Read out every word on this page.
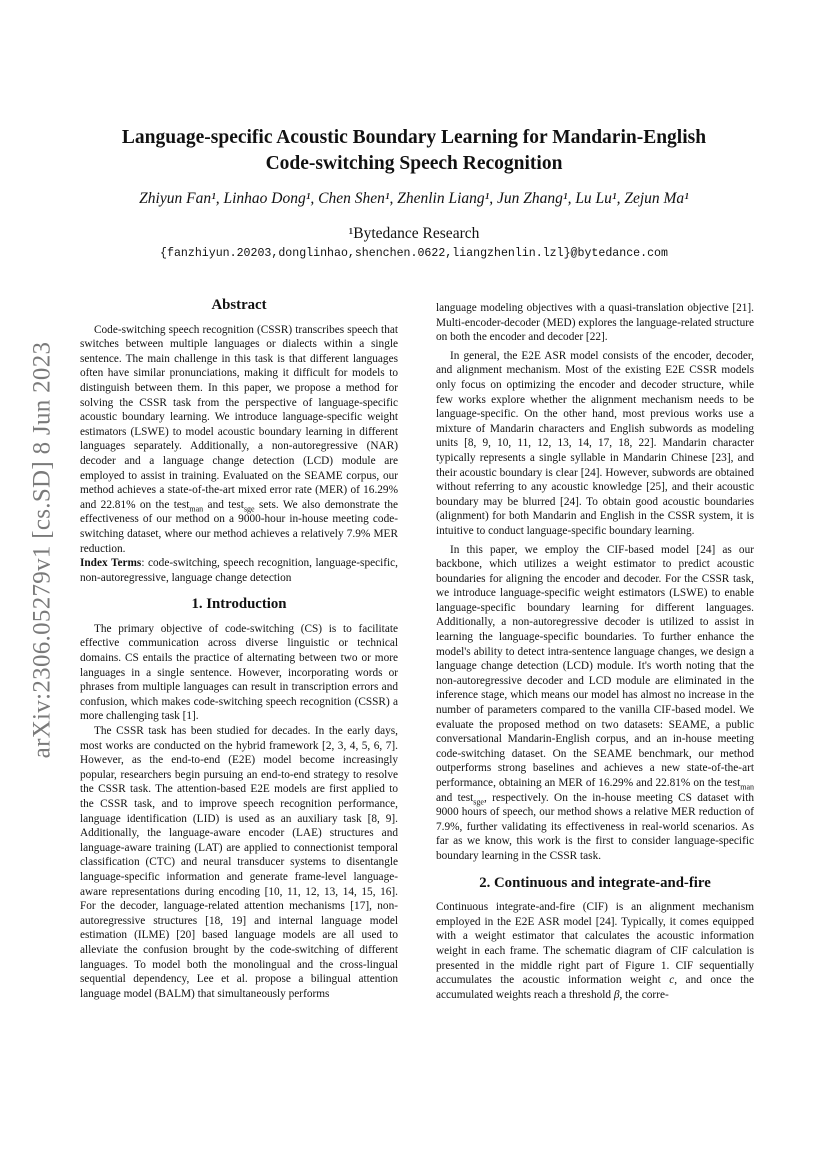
arXiv:2306.05279v1 [cs.SD] 8 Jun 2023
Language-specific Acoustic Boundary Learning for Mandarin-English
Code-switching Speech Recognition
Zhiyun Fan¹, Linhao Dong¹, Chen Shen¹, Zhenlin Liang¹, Jun Zhang¹, Lu Lu¹, Zejun Ma¹
¹Bytedance Research
{fanzhiyun.20203,donglinhao,shenchen.0622,liangzhenlin.lzl}@bytedance.com
Abstract

Code-switching speech recognition (CSSR) transcribes speech that switches between multiple languages or dialects within a single sentence. The main challenge in this task is that different languages often have similar pronunciations, making it difficult for models to distinguish between them. In this paper, we propose a method for solving the CSSR task from the perspective of language-specific acoustic boundary learning. We introduce language-specific weight estimators (LSWE) to model acoustic boundary learning in different languages separately. Additionally, a non-autoregressive (NAR) decoder and a language change detection (LCD) module are employed to assist in training. Evaluated on the SEAME corpus, our method achieves a state-of-the-art mixed error rate (MER) of 16.29% and 22.81% on the test$_{man}$ and test$_{sge}$ sets. We also demonstrate the effectiveness of our method on a 9000-hour in-house meeting code-switching dataset, where our method achieves a relatively 7.9% MER reduction.

Index Terms: code-switching, speech recognition, language-specific, non-autoregressive, language change detection

1. Introduction

The primary objective of code-switching (CS) is to facilitate effective communication across diverse linguistic or technical domains. CS entails the practice of alternating between two or more languages in a single sentence. However, incorporating words or phrases from multiple languages can result in transcription errors and confusion, which makes code-switching speech recognition (CSSR) a more challenging task [1].

The CSSR task has been studied for decades. In the early days, most works are conducted on the hybrid framework [2, 3, 4, 5, 6, 7]. However, as the end-to-end (E2E) model become increasingly popular, researchers begin pursuing an end-to-end strategy to resolve the CSSR task. The attention-based E2E models are first applied to the CSSR task, and to improve speech recognition performance, language identification (LID) is used as an auxiliary task [8, 9]. Additionally, the language-aware encoder (LAE) structures and language-aware training (LAT) are applied to connectionist temporal classification (CTC) and neural transducer systems to disentangle language-specific information and generate frame-level language-aware representations during encoding [10, 11, 12, 13, 14, 15, 16]. For the decoder, language-related attention mechanisms [17], non-autoregressive structures [18, 19] and internal language model estimation (ILME) [20] based language models are all used to alleviate the confusion brought by the code-switching of different languages. To model both the monolingual and the cross-lingual sequential dependency, Lee et al. propose a bilingual attention language model (BALM) that simultaneously performs

language modeling objectives with a quasi-translation objective [21]. Multi-encoder-decoder (MED) explores the language-related structure on both the encoder and decoder [22].

In general, the E2E ASR model consists of the encoder, decoder, and alignment mechanism. Most of the existing E2E CSSR models only focus on optimizing the encoder and decoder structure, while few works explore whether the alignment mechanism needs to be language-specific. On the other hand, most previous works use a mixture of Mandarin characters and English subwords as modeling units [8, 9, 10, 11, 12, 13, 14, 17, 18, 22]. Mandarin character typically represents a single syllable in Mandarin Chinese [23], and their acoustic boundary is clear [24]. However, subwords are obtained without referring to any acoustic knowledge [25], and their acoustic boundary may be blurred [24]. To obtain good acoustic boundaries (alignment) for both Mandarin and English in the CSSR system, it is intuitive to conduct language-specific boundary learning.

In this paper, we employ the CIF-based model [24] as our backbone, which utilizes a weight estimator to predict acoustic boundaries for aligning the encoder and decoder. For the CSSR task, we introduce language-specific weight estimators (LSWE) to enable language-specific boundary learning for different languages. Additionally, a non-autoregressive decoder is utilized to assist in learning the language-specific boundaries. To further enhance the model's ability to detect intra-sentence language changes, we design a language change detection (LCD) module. It's worth noting that the non-autoregressive decoder and LCD module are eliminated in the inference stage, which means our model has almost no increase in the number of parameters compared to the vanilla CIF-based model. We evaluate the proposed method on two datasets: SEAME, a public conversational Mandarin-English corpus, and an in-house meeting code-switching dataset. On the SEAME benchmark, our method outperforms strong baselines and achieves a new state-of-the-art performance, obtaining an MER of 16.29% and 22.81% on the test$_{man}$ and test$_{sge}$, respectively. On the in-house meeting CS dataset with 9000 hours of speech, our method shows a relative MER reduction of 7.9%, further validating its effectiveness in real-world scenarios. As far as we know, this work is the first to consider language-specific boundary learning in the CSSR task.

2. Continuous and integrate-and-fire

Continuous integrate-and-fire (CIF) is an alignment mechanism employed in the E2E ASR model [24]. Typically, it comes equipped with a weight estimator that calculates the acoustic information weight in each frame. The schematic diagram of CIF calculation is presented in the middle right part of Figure 1. CIF sequentially accumulates the acoustic information weight c, and once the accumulated weights reach a threshold β, the corre-
